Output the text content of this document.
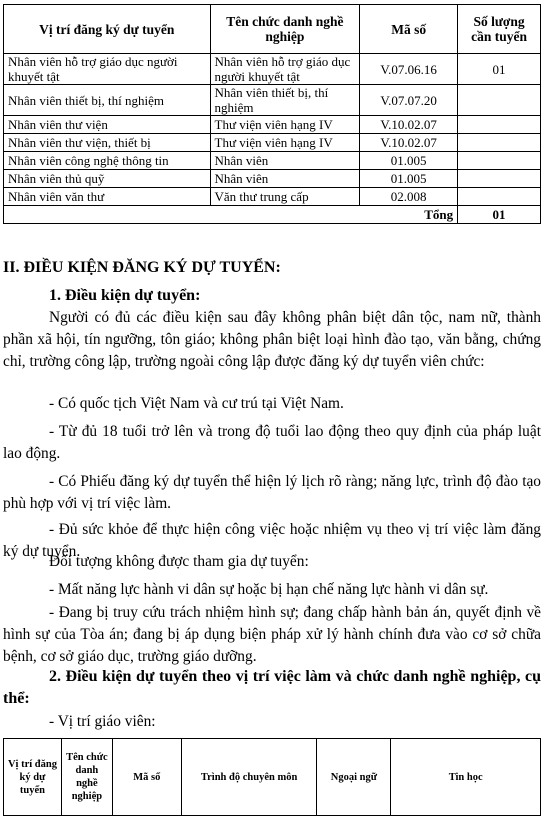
Vị trí đăng ký dự tuyển	Tên chức danh nghề nghiệp	Mã số	Số lượng cần tuyển
Nhân viên hỗ trợ giáo dục người khuyết tật	Nhân viên hỗ trợ giáo dục người khuyết tật	V.07.06.16	01
Nhân viên thiết bị, thí nghiệm	Nhân viên thiết bị, thí nghiệm	V.07.07.20	
Nhân viên thư viện	Thư viện viên hạng IV	V.10.02.07	
Nhân viên thư viện, thiết bị	Thư viện viên hạng IV	V.10.02.07	
Nhân viên công nghệ thông tin	Nhân viên	01.005	
Nhân viên thủ quỹ	Nhân viên	01.005	
Nhân viên văn thư	Văn thư trung cấp	02.008	
	Tổng		01
II. ĐIỀU KIỆN ĐĂNG KÝ DỰ TUYỂN:
1. Điều kiện dự tuyển:
Người có đủ các điều kiện sau đây không phân biệt dân tộc, nam nữ, thành phần xã hội, tín ngưỡng, tôn giáo; không phân biệt loại hình đào tạo, văn bằng, chứng chỉ, trường công lập, trường ngoài công lập được đăng ký dự tuyển viên chức:
- Có quốc tịch Việt Nam và cư trú tại Việt Nam.
- Từ đủ 18 tuổi trở lên và trong độ tuổi lao động theo quy định của pháp luật lao động.
- Có Phiếu đăng ký dự tuyển thể hiện lý lịch rõ ràng; năng lực, trình độ đào tạo phù hợp với vị trí việc làm.
- Đủ sức khỏe để thực hiện công việc hoặc nhiệm vụ theo vị trí việc làm đăng ký dự tuyển.
Đối tượng không được tham gia dự tuyển:
- Mất năng lực hành vi dân sự hoặc bị hạn chế năng lực hành vi dân sự.
- Đang bị truy cứu trách nhiệm hình sự; đang chấp hành bản án, quyết định về hình sự của Tòa án; đang bị áp dụng biện pháp xử lý hành chính đưa vào cơ sở chữa bệnh, cơ sở giáo dục, trường giáo dưỡng.
2. Điều kiện dự tuyển theo vị trí việc làm và chức danh nghề nghiệp, cụ thể:
- Vị trí giáo viên:
Vị trí đăng ký dự tuyển	Tên chức danh nghề nghiệp	Mã số	Trình độ chuyên môn	Ngoại ngữ	Tin học
